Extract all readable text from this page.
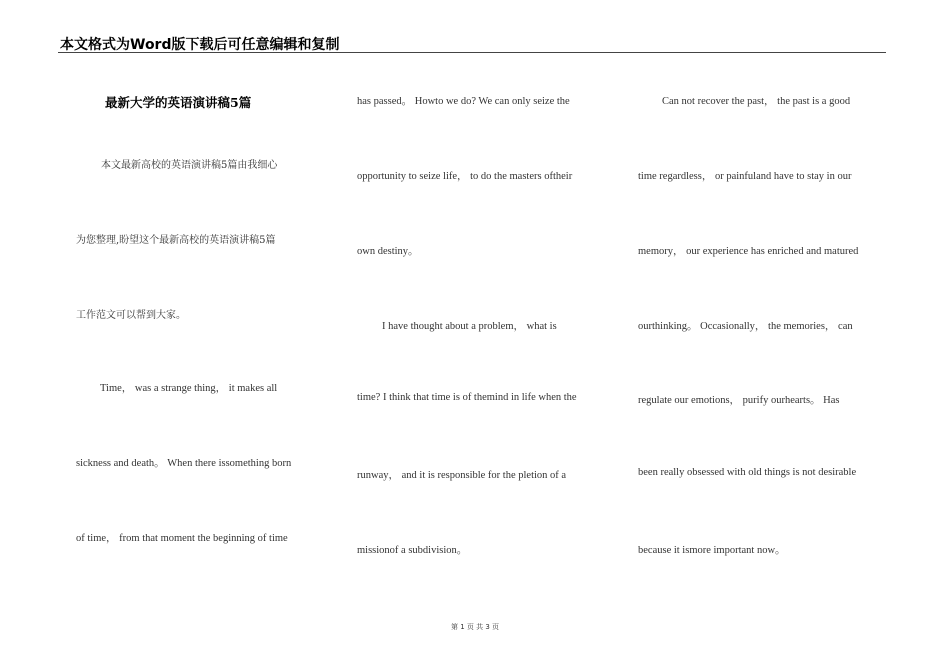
本文格式为Word版下载后可任意编辑和复制
最新大学的英语演讲稿5篇
本文最新高校的英语演讲稿5篇由我细心
为您整理,盼望这个最新高校的英语演讲稿5篇
工作范文可以帮到大家。
Time， was a strange thing， it makes all
sickness and death。 When there issomething born
of time， from that moment the beginning of time
has passed。 Howto we do? We can only seize the
opportunity to seize life， to do the masters oftheir
own destiny。
I have thought about a problem， what is
time? I think that time is of themind in life when the
runway， and it is responsible for the pletion of a
missionof a subdivision。
Can not recover the past， the past is a good
time regardless， or painfuland have to stay in our
memory， our experience has enriched and matured
ourthinking。 Occasionally， the memories， can
regulate our emotions， purify ourhearts。 Has
been really obsessed with old things is not desirable
because it ismore important now。
第 1 页 共 3 页
